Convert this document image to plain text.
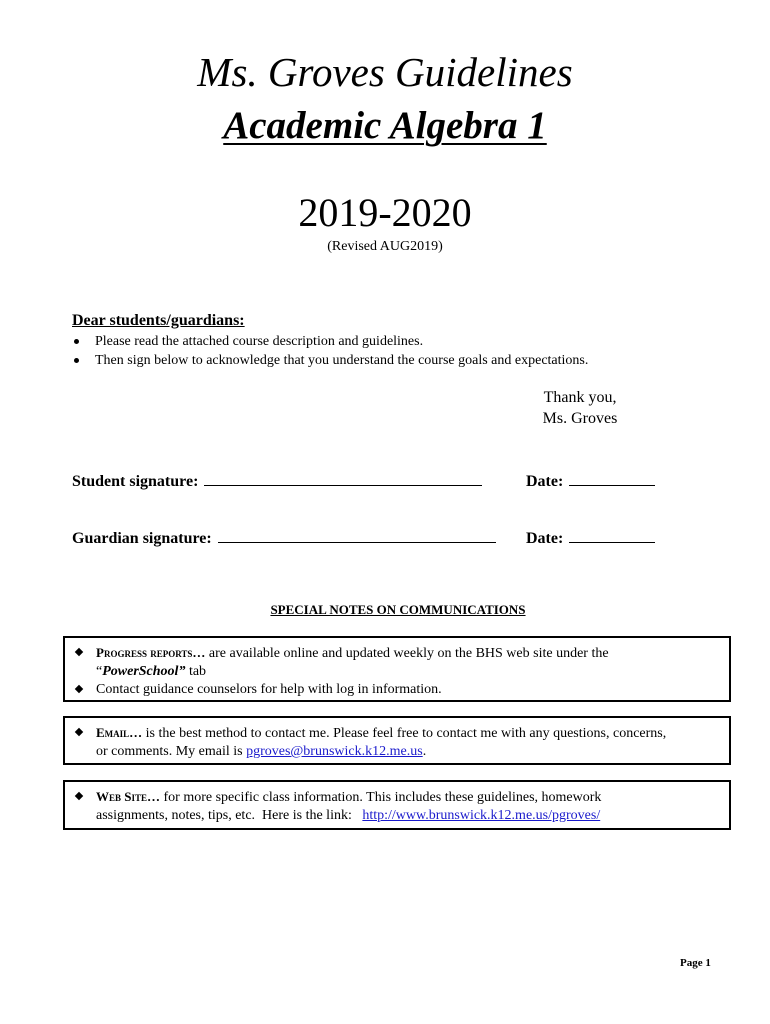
Ms. Groves Guidelines
Academic Algebra 1
2019-2020
(Revised AUG2019)
Dear students/guardians:
Please read the attached course description and guidelines.
Then sign below to acknowledge that you understand the course goals and expectations.
Thank you,
Ms. Groves
Student signature:	Date:
Guardian signature:	Date:
SPECIAL NOTES ON COMMUNICATIONS
Progress reports… are available online and updated weekly on the BHS web site under the
“PowerSchool” tab
Contact guidance counselors for help with log in information.
Email… is the best method to contact me. Please feel free to contact me with any questions, concerns,
or comments. My email is pgroves@brunswick.k12.me.us.
Web Site… for more specific class information. This includes these guidelines, homework
assignments, notes, tips, etc.  Here is the link:   http://www.brunswick.k12.me.us/pgroves/
Page 1
